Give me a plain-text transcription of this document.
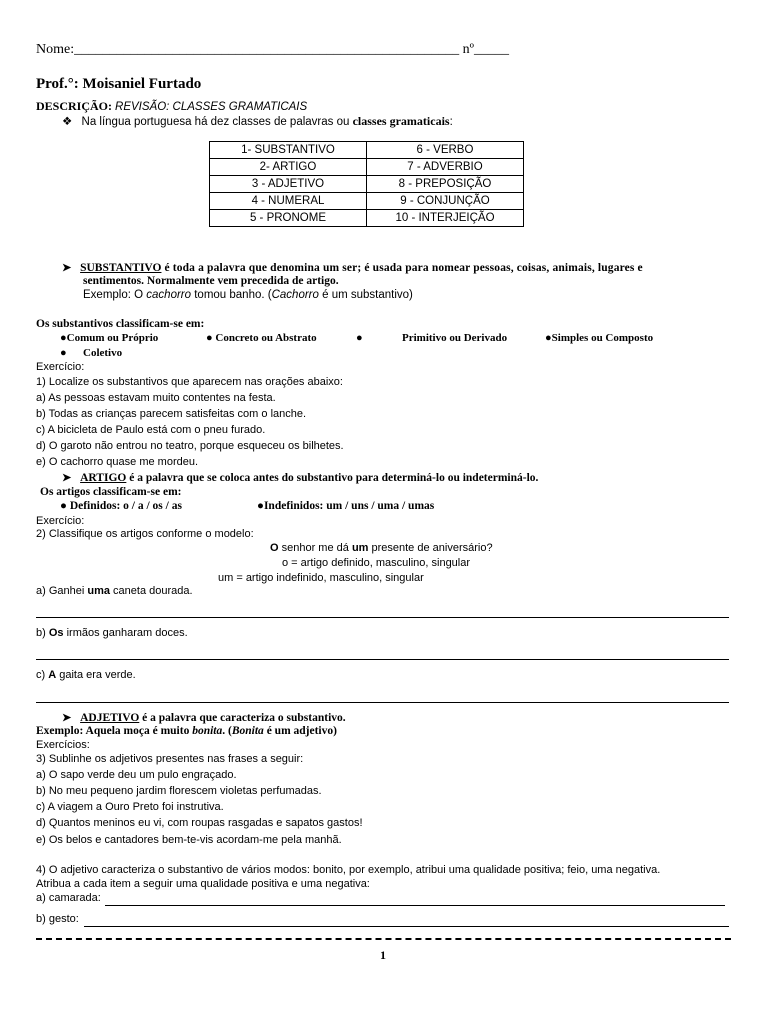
Nome:_______________________________________________________ nº_____
Prof.°: Moisaniel Furtado
DESCRIÇÃO: REVISÃO: CLASSES GRAMATICAIS
❖ Na língua portuguesa há dez classes de palavras ou classes gramaticais:
1- SUBSTANTIVO	6 - VERBO
2- ARTIGO	7 - ADVERBIO
3 - ADJETIVO	8 - PREPOSIÇÃO
4 - NUMERAL	9 - CONJUNÇÃO
5 - PRONOME	10 - INTERJEIÇÃO
➤ SUBSTANTIVO é toda a palavra que denomina um ser; é usada para nomear pessoas, coisas, animais, lugares e
sentimentos. Normalmente vem precedida de artigo.
Exemplo: O cachorro tomou banho. (Cachorro é um substantivo)
Os substantivos classificam-se em:
●Comum ou Próprio	● Concreto ou Abstrato	●	Primitivo ou Derivado	●Simples ou Composto
● Coletivo
Exercício:
1) Localize os substantivos que aparecem nas orações abaixo:
a) As pessoas estavam muito contentes na festa.
b) Todas as crianças parecem satisfeitas com o lanche.
c) A bicicleta de Paulo está com o pneu furado.
d) O garoto não entrou no teatro, porque esqueceu os bilhetes.
e) O cachorro quase me mordeu.
➤ ARTIGO é a palavra que se coloca antes do substantivo para determiná-lo ou indeterminá-lo.
Os artigos classificam-se em:
● Definidos: o / a / os / as	●Indefinidos: um / uns / uma / umas
Exercício:
2) Classifique os artigos conforme o modelo:
O senhor me dá um presente de aniversário?
o = artigo definido, masculino, singular
um = artigo indefinido, masculino, singular
a) Ganhei uma caneta dourada.
b) Os irmãos ganharam doces.
c) A gaita era verde.
➤ ADJETIVO é a palavra que caracteriza o substantivo.
Exemplo: Aquela moça é muito bonita. (Bonita é um adjetivo)
Exercícios:
3) Sublinhe os adjetivos presentes nas frases a seguir:
a) O sapo verde deu um pulo engraçado.
b) No meu pequeno jardim florescem violetas perfumadas.
c) A viagem a Ouro Preto foi instrutiva.
d) Quantos meninos eu vi, com roupas rasgadas e sapatos gastos!
e) Os belos e cantadores bem-te-vis acordam-me pela manhã.
4) O adjetivo caracteriza o substantivo de vários modos: bonito, por exemplo, atribui uma qualidade positiva; feio, uma negativa.
Atribua a cada item a seguir uma qualidade positiva e uma negativa:
a) camarada:
b) gesto:
1
